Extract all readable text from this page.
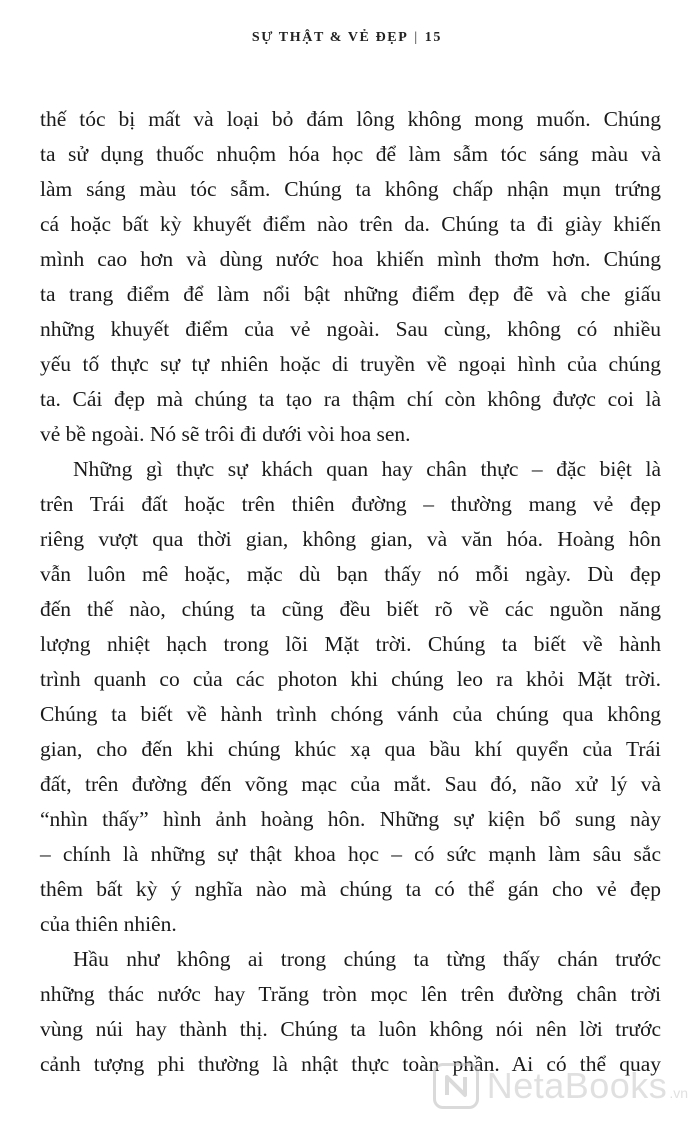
SỰ THẬT & VẺ ĐẸP | 15
thế tóc bị mất và loại bỏ đám lông không mong muốn. Chúng
ta sử dụng thuốc nhuộm hóa học để làm sẫm tóc sáng màu và
làm sáng màu tóc sẫm. Chúng ta không chấp nhận mụn trứng
cá hoặc bất kỳ khuyết điểm nào trên da. Chúng ta đi giày khiến
mình cao hơn và dùng nước hoa khiến mình thơm hơn. Chúng
ta trang điểm để làm nổi bật những điểm đẹp đẽ và che giấu
những khuyết điểm của vẻ ngoài. Sau cùng, không có nhiều
yếu tố thực sự tự nhiên hoặc di truyền về ngoại hình của chúng
ta. Cái đẹp mà chúng ta tạo ra thậm chí còn không được coi là
vẻ bề ngoài. Nó sẽ trôi đi dưới vòi hoa sen.
Những gì thực sự khách quan hay chân thực – đặc biệt là
trên Trái đất hoặc trên thiên đường – thường mang vẻ đẹp
riêng vượt qua thời gian, không gian, và văn hóa. Hoàng hôn
vẫn luôn mê hoặc, mặc dù bạn thấy nó mỗi ngày. Dù đẹp
đến thế nào, chúng ta cũng đều biết rõ về các nguồn năng
lượng nhiệt hạch trong lõi Mặt trời. Chúng ta biết về hành
trình quanh co của các photon khi chúng leo ra khỏi Mặt trời.
Chúng ta biết về hành trình chóng vánh của chúng qua không
gian, cho đến khi chúng khúc xạ qua bầu khí quyển của Trái
đất, trên đường đến võng mạc của mắt. Sau đó, não xử lý và
“nhìn thấy” hình ảnh hoàng hôn. Những sự kiện bổ sung này
– chính là những sự thật khoa học – có sức mạnh làm sâu sắc
thêm bất kỳ ý nghĩa nào mà chúng ta có thể gán cho vẻ đẹp
của thiên nhiên.
Hầu như không ai trong chúng ta từng thấy chán trước
những thác nước hay Trăng tròn mọc lên trên đường chân trời
vùng núi hay thành thị. Chúng ta luôn không nói nên lời trước
cảnh tượng phi thường là nhật thực toàn phần. Ai có thể quay
NetaBooks .vn
